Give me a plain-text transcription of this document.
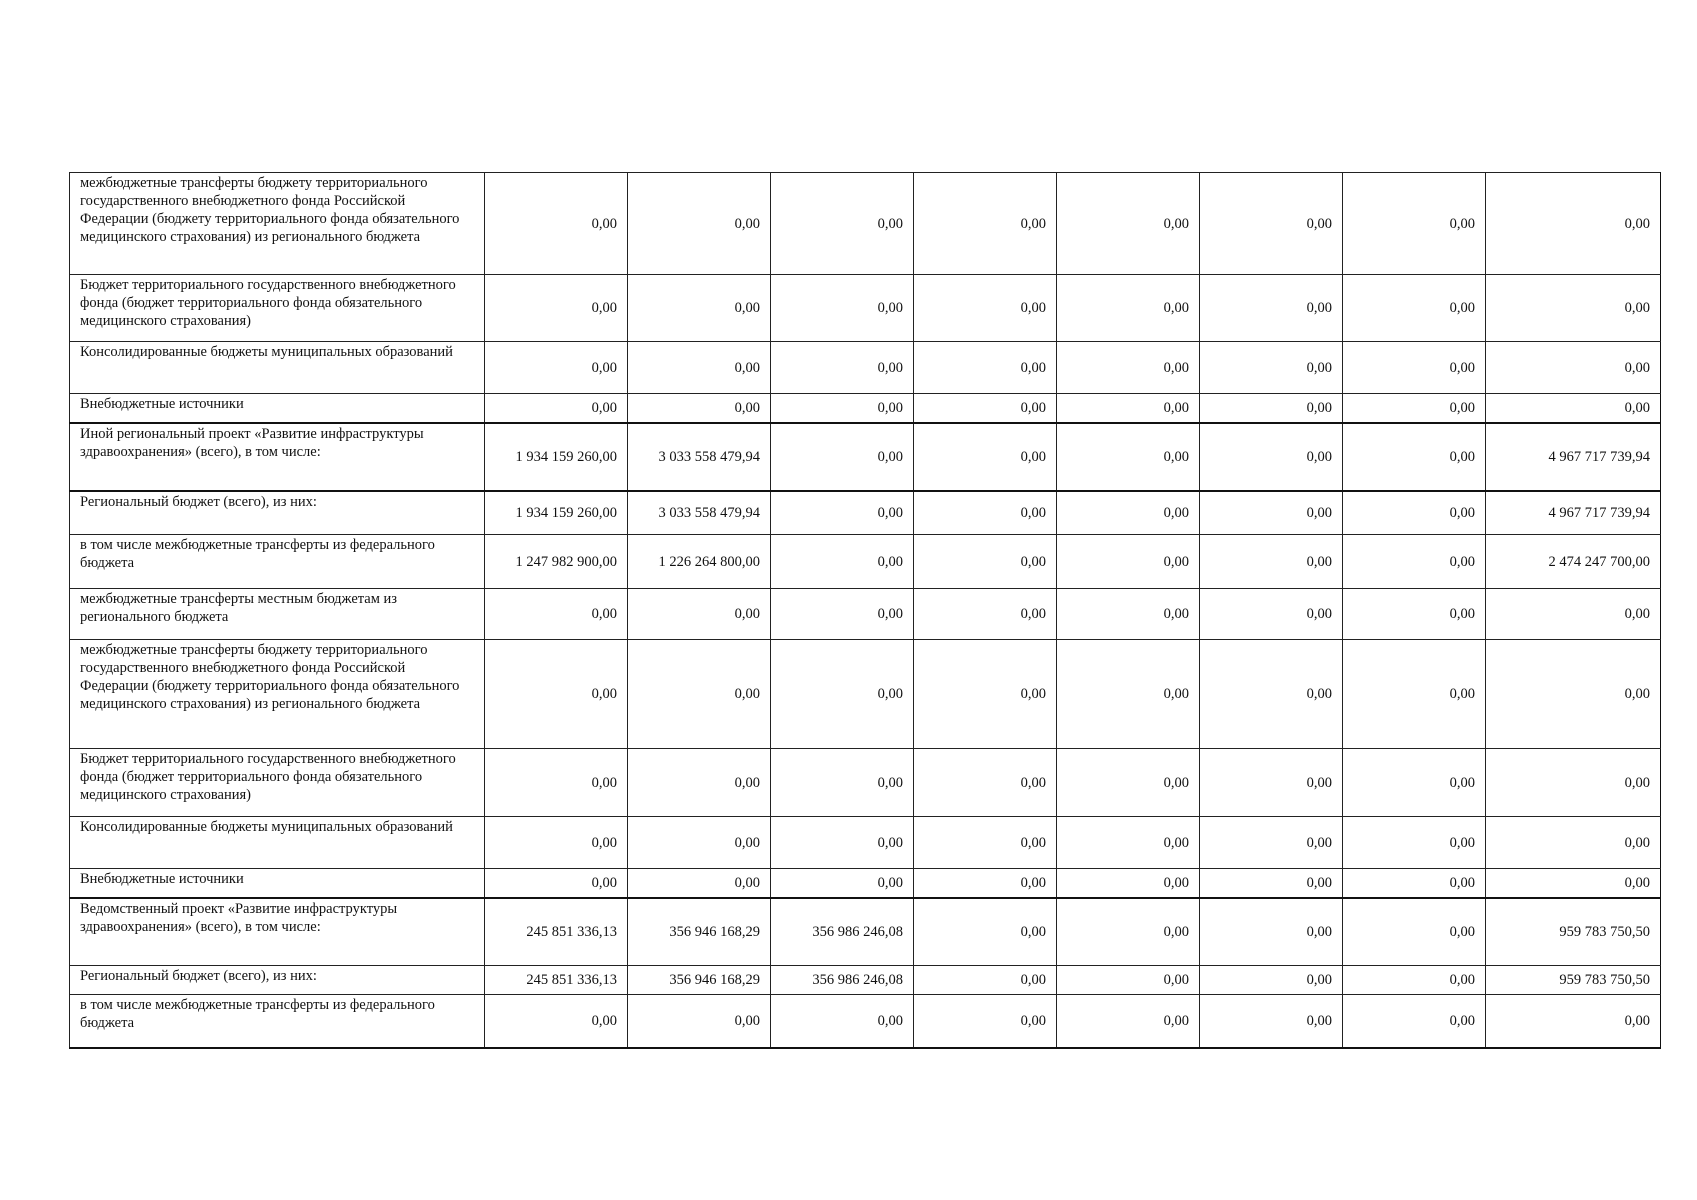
межбюджетные трансферты бюджету территориального государственного внебюджетного фонда Российской Федерации (бюджету территориального фонда обязательного медицинского страхования) из регионального бюджета	0,00	0,00	0,00	0,00	0,00	0,00	0,00	0,00
Бюджет территориального государственного внебюджетного фонда (бюджет территориального фонда обязательного медицинского страхования)	0,00	0,00	0,00	0,00	0,00	0,00	0,00	0,00
Консолидированные бюджеты муниципальных образований	0,00	0,00	0,00	0,00	0,00	0,00	0,00	0,00
Внебюджетные источники	0,00	0,00	0,00	0,00	0,00	0,00	0,00	0,00
Иной региональный проект «Развитие инфраструктуры здравоохранения» (всего), в том числе:	1 934 159 260,00	3 033 558 479,94	0,00	0,00	0,00	0,00	0,00	4 967 717 739,94
Региональный бюджет (всего), из них:	1 934 159 260,00	3 033 558 479,94	0,00	0,00	0,00	0,00	0,00	4 967 717 739,94
в том числе межбюджетные трансферты из федерального бюджета	1 247 982 900,00	1 226 264 800,00	0,00	0,00	0,00	0,00	0,00	2 474 247 700,00
межбюджетные трансферты местным бюджетам из регионального бюджета	0,00	0,00	0,00	0,00	0,00	0,00	0,00	0,00
межбюджетные трансферты бюджету территориального государственного внебюджетного фонда Российской Федерации (бюджету территориального фонда обязательного медицинского страхования) из регионального бюджета	0,00	0,00	0,00	0,00	0,00	0,00	0,00	0,00
Бюджет территориального государственного внебюджетного фонда (бюджет территориального фонда обязательного медицинского страхования)	0,00	0,00	0,00	0,00	0,00	0,00	0,00	0,00
Консолидированные бюджеты муниципальных образований	0,00	0,00	0,00	0,00	0,00	0,00	0,00	0,00
Внебюджетные источники	0,00	0,00	0,00	0,00	0,00	0,00	0,00	0,00
Ведомственный проект «Развитие инфраструктуры здравоохранения» (всего), в том числе:	245 851 336,13	356 946 168,29	356 986 246,08	0,00	0,00	0,00	0,00	959 783 750,50
Региональный бюджет (всего), из них:	245 851 336,13	356 946 168,29	356 986 246,08	0,00	0,00	0,00	0,00	959 783 750,50
в том числе межбюджетные трансферты из федерального бюджета	0,00	0,00	0,00	0,00	0,00	0,00	0,00	0,00
